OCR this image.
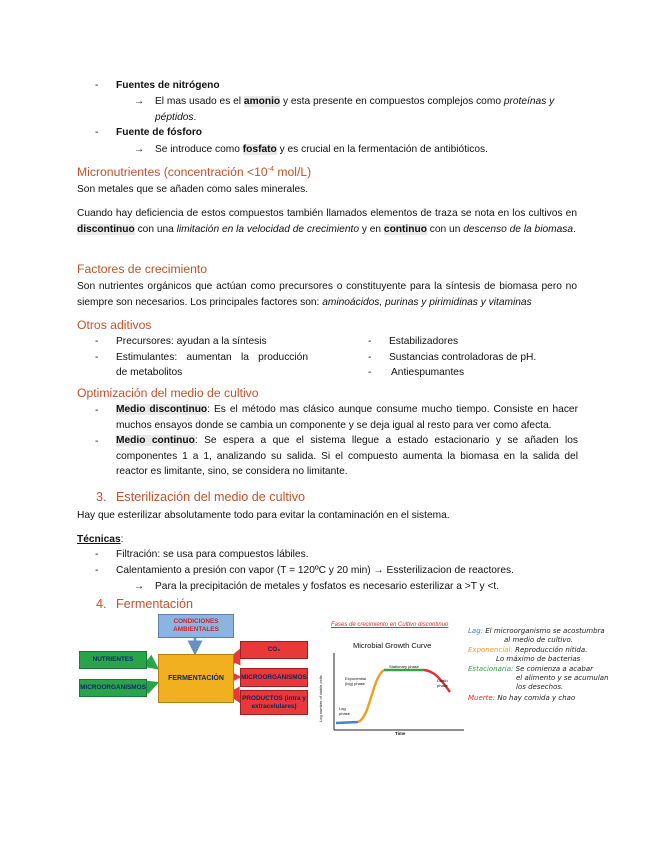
- Fuentes de nitrógeno
→ El mas usado es el amonio y esta presente en compuestos complejos como proteínas y
péptidos.
- Fuente de fósforo
→ Se introduce como fosfato y es crucial en la fermentación de antibióticos.
Micronutrientes (concentración $<10^{-4}$ mol/L)
Son metales que se añaden como sales minerales.
Cuando hay deficiencia de estos compuestos también llamados elementos de traza se nota en los cultivos en discontinuo con una limitación en la velocidad de crecimiento y en continuo con un descenso de la biomasa.
Factores de crecimiento
Son nutrientes orgánicos que actúan como precursores o constituyente para la síntesis de biomasa pero no siempre son necesarios. Los principales factores son: aminoácidos, purinas y pirimidinas y vitaminas
Otros aditivos
- Precursores: ayudan a la síntesis
- Estimulantes: aumentan la producción
de metabolitos
- Estabilizadores
- Sustancias controladoras de pH.
- Antiespumantes
Optimización del medio de cultivo
- Medio discontinuo: Es el método mas clásico aunque consume mucho tiempo. Consiste en hacer muchos ensayos donde se cambia un componente y se deja igual al resto para ver como afecta.
- Medio continuo: Se espera a que el sistema llegue a estado estacionario y se añaden los componentes 1 a 1, analizando su salida. Si el compuesto aumenta la biomasa en la salida del reactor es limitante, sino, se considera no limitante.
3. Esterilización del medio de cultivo
Hay que esterilizar absolutamente todo para evitar la contaminación en el sistema.
Técnicas:
- Filtración: se usa para compuestos lábiles.
- Calentamiento a presión con vapor (T = 120ºC y 20 min) → Essterilizacion de reactores.
→ Para la precipitación de metales y fosfatos es necesario esterilizar a >T y <t.
4. Fermentación
CONDICIONES AMBIENTALES
NUTRIENTES
MICROORGANISMOS
FERMENTACIÓN
CO₂
MICROORGANISMOS
PRODUCTOS (intra y extracelulares)
Fases de crecimiento en Cultivo discontinuo
Microbial Growth Curve
Log number of viable cells
Time
Lag phase
Exponential (log) phase
Stationary phase
Death phase
Lag: El microorganismo se acostumbra
al medio de cultivo.
Exponencial: Reproducción nítida.
Lo máximo de bacterias
Estacionaria: Se comienza a acabar
el alimento y se acumulan
los desechos.
Muerte: No hay comida y chao
